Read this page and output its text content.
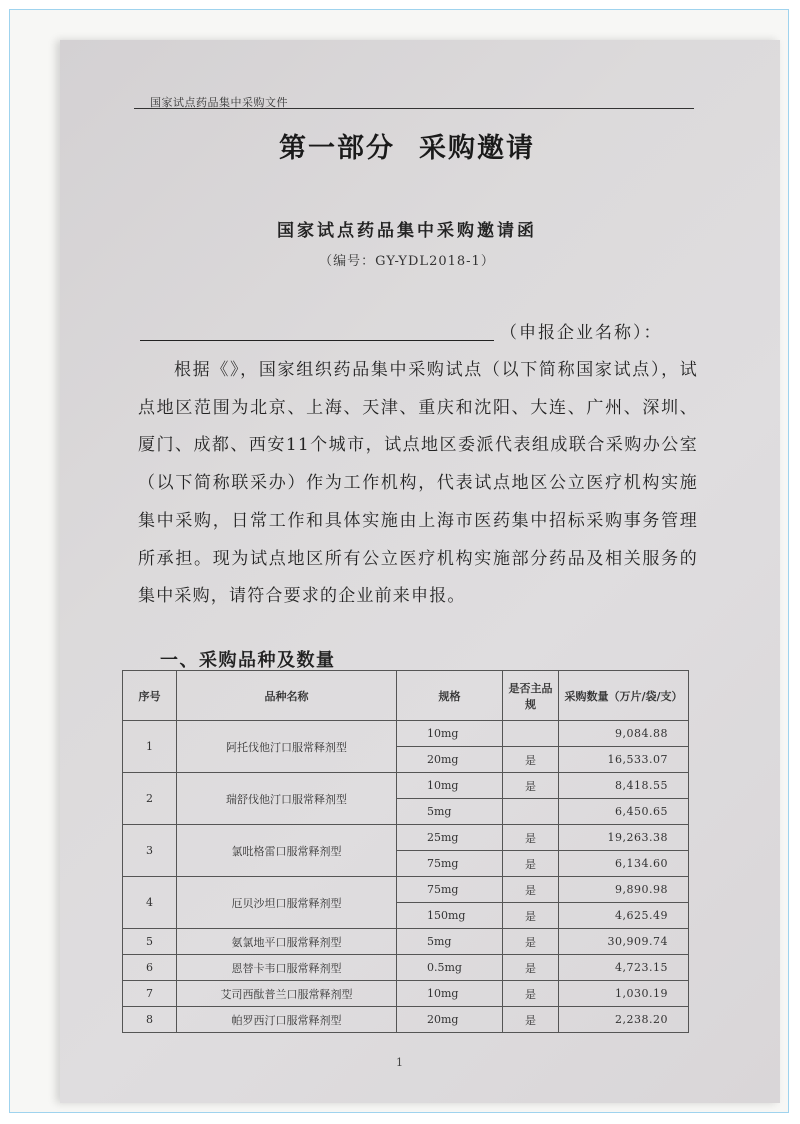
国家试点药品集中采购文件
第一部分 采购邀请
国家试点药品集中采购邀请函
（编号：GY-YDL2018-1）
（申报企业名称）：
根据《》，国家组织药品集中采购试点（以下简称国家试点），试点地区范围为北京、上海、天津、重庆和沈阳、大连、广州、深圳、厦门、成都、西安11个城市，试点地区委派代表组成联合采购办公室（以下简称联采办）作为工作机构，代表试点地区公立医疗机构实施集中采购，日常工作和具体实施由上海市医药集中招标采购事务管理所承担。现为试点地区所有公立医疗机构实施部分药品及相关服务的集中采购，请符合要求的企业前来申报。
一、采购品种及数量
序号	品种名称	规格	是否主品规	采购数量（万片/袋/支）
1	阿托伐他汀口服常释剂型	10mg		9,084.88
		20mg	是	16,533.07
2	瑞舒伐他汀口服常释剂型	10mg	是	8,418.55
		5mg		6,450.65
3	氯吡格雷口服常释剂型	25mg	是	19,263.38
		75mg	是	6,134.60
4	厄贝沙坦口服常释剂型	75mg	是	9,890.98
		150mg	是	4,625.49
5	氨氯地平口服常释剂型	5mg	是	30,909.74
6	恩替卡韦口服常释剂型	0.5mg	是	4,723.15
7	艾司西酞普兰口服常释剂型	10mg	是	1,030.19
8	帕罗西汀口服常释剂型	20mg	是	2,238.20
1
